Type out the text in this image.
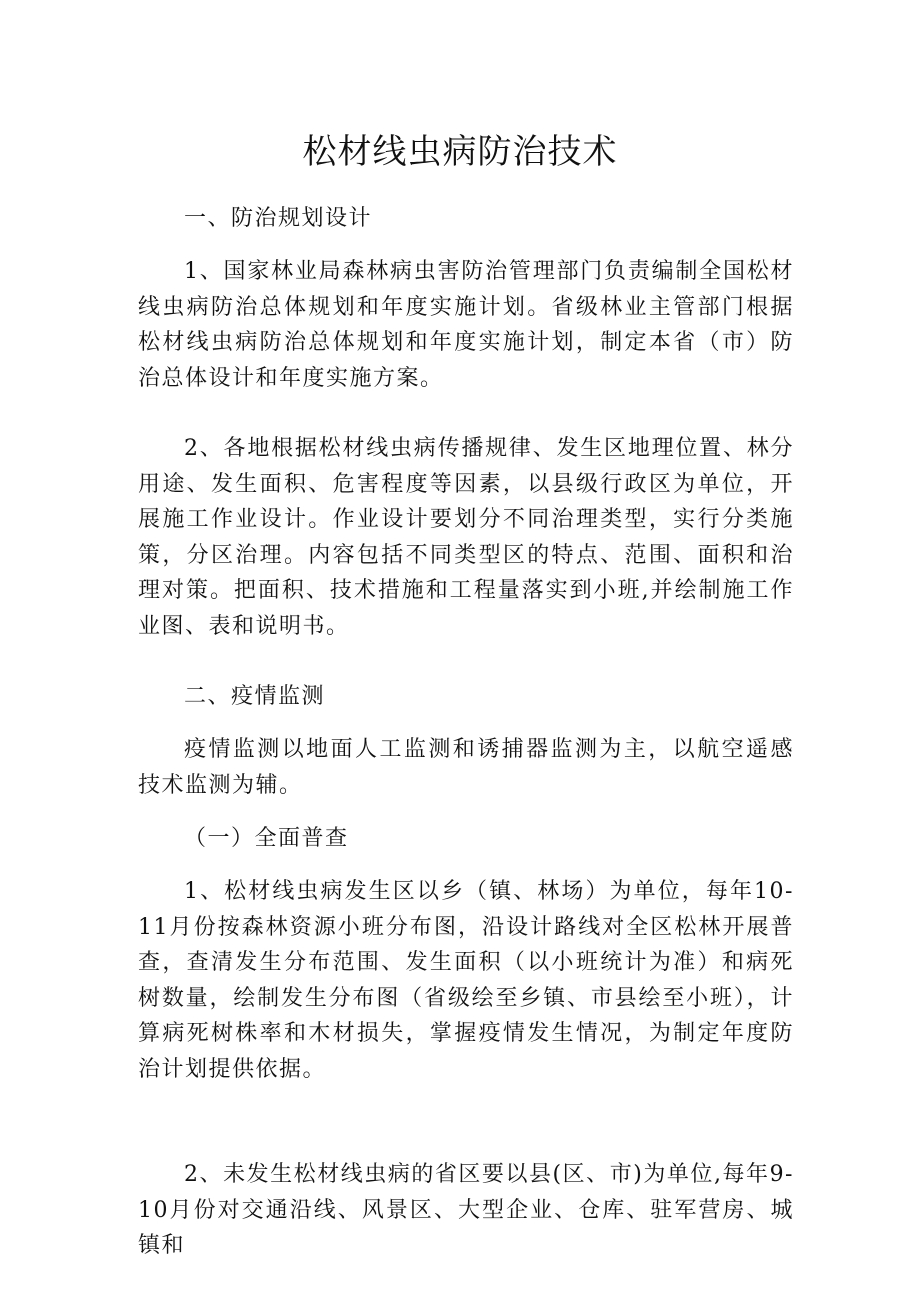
松材线虫病防治技术

一、防治规划设计

1、国家林业局森林病虫害防治管理部门负责编制全国松材线虫病防治总体规划和年度实施计划。省级林业主管部门根据松材线虫病防治总体规划和年度实施计划，制定本省（市）防治总体设计和年度实施方案。

2、各地根据松材线虫病传播规律、发生区地理位置、林分用途、发生面积、危害程度等因素，以县级行政区为单位，开展施工作业设计。作业设计要划分不同治理类型，实行分类施策，分区治理。内容包括不同类型区的特点、范围、面积和治理对策。把面积、技术措施和工程量落实到小班,并绘制施工作业图、表和说明书。

二、疫情监测

疫情监测以地面人工监测和诱捕器监测为主，以航空遥感技术监测为辅。

（一）全面普查

1、松材线虫病发生区以乡（镇、林场）为单位，每年10-11月份按森林资源小班分布图，沿设计路线对全区松林开展普查，查清发生分布范围、发生面积（以小班统计为准）和病死树数量，绘制发生分布图（省级绘至乡镇、市县绘至小班），计算病死树株率和木材损失，掌握疫情发生情况，为制定年度防治计划提供依据。

2、未发生松材线虫病的省区要以县(区、市)为单位,每年9-10月份对交通沿线、风景区、大型企业、仓库、驻军营房、城镇和
